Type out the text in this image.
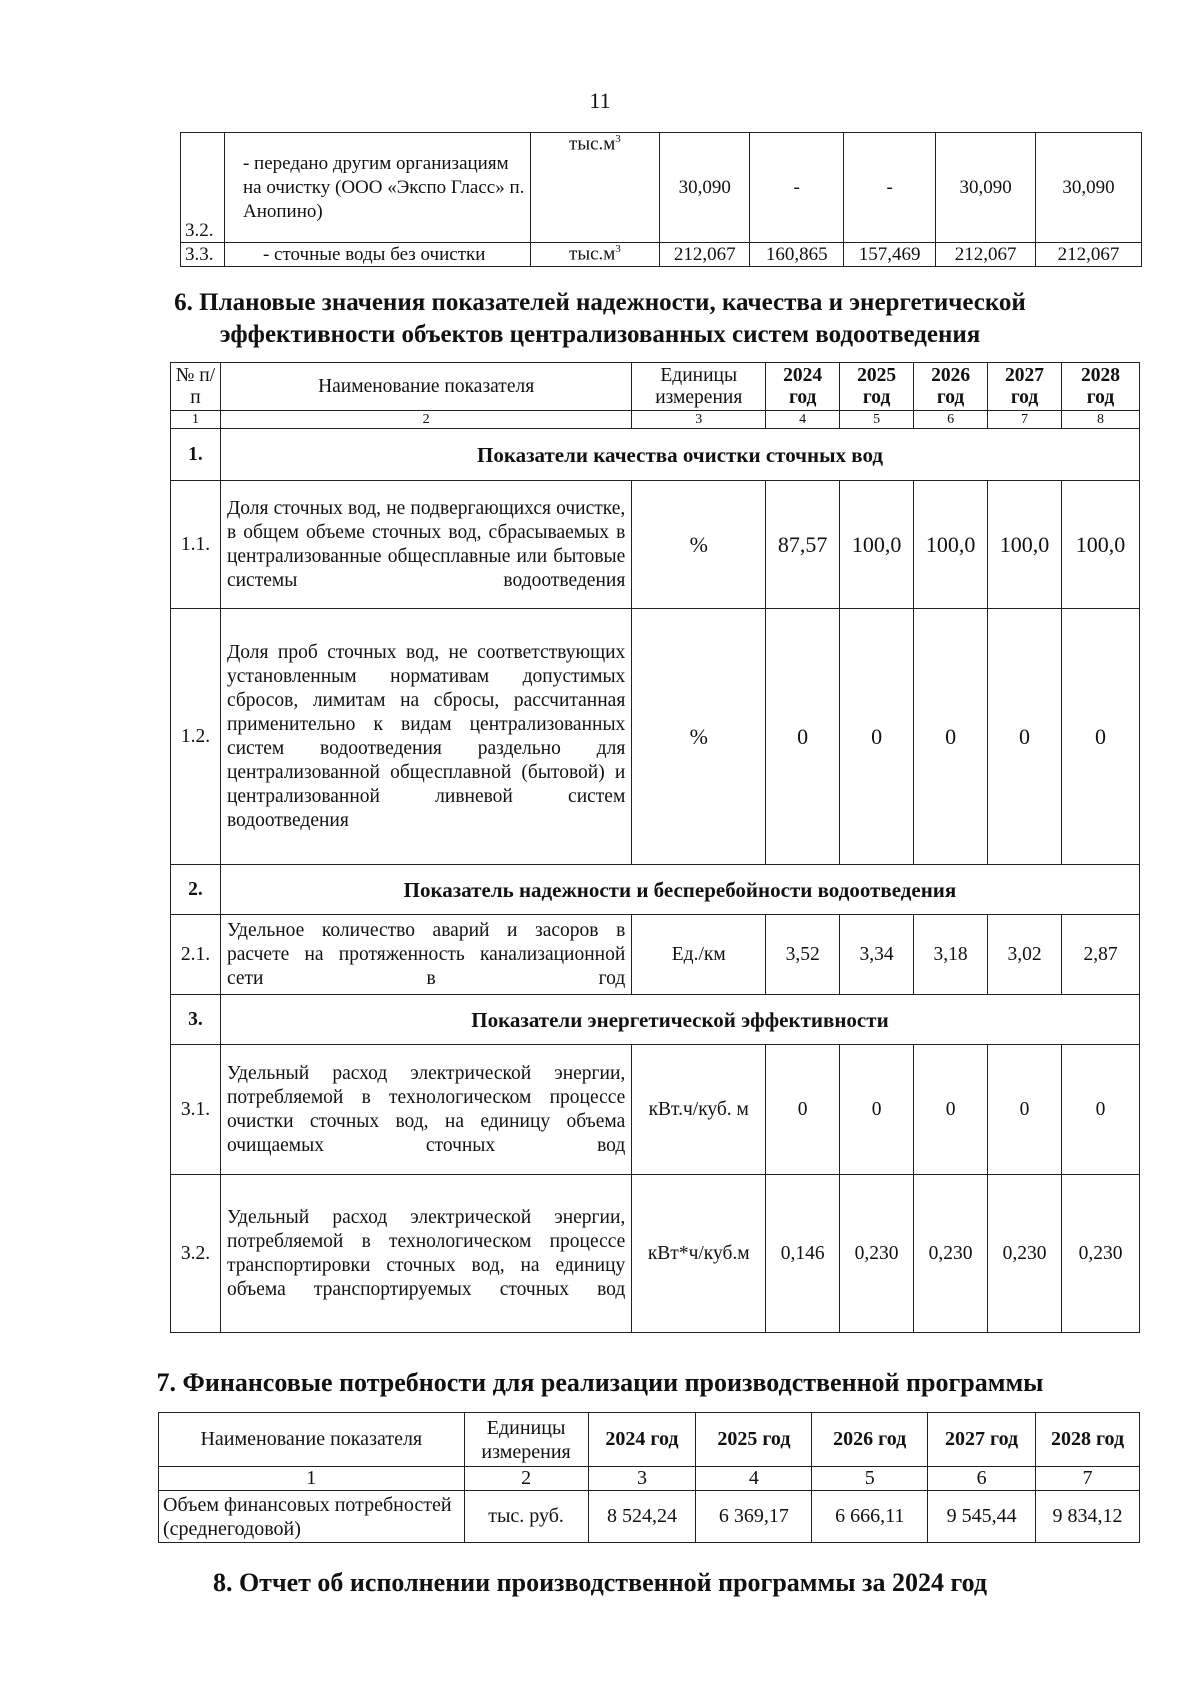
11
3.2.	- передано другим организациям на очистку (ООО «Экспо Гласс» п. Анопино)	$тыс.м^3$	30,090	-	-	30,090	30,090
3.3.	- сточные воды без очистки	$тыс.м^3$	212,067	160,865	157,469	212,067	212,067
6. Плановые значения показателей надежности, качества и энергетической
эффективности объектов централизованных систем водоотведения
№ п/п	Наименование показателя	Единицы измерения	2024 год	2025 год	2026 год	2027 год	2028 год
1	2	3	4	5	6	7	8
1.	Показатели качества очистки сточных вод						
1.1.	Доля сточных вод, не подвергающихся очистке, в общем объеме сточных вод, сбрасываемых в централизованные общесплавные или бытовые системы водоотведения	%	87,57	100,0	100,0	100,0	100,0
1.2.	Доля проб сточных вод, не соответствующих установленным нормативам допустимых сбросов, лимитам на сбросы, рассчитанная применительно к видам централизованных систем водоотведения раздельно для централизованной общесплавной (бытовой) и централизованной ливневой систем водоотведения	%	0	0	0	0	0
2.	Показатель надежности и бесперебойности водоотведения						
2.1.	Удельное количество аварий и засоров в расчете на протяженность канализационной сети в год	Ед./км	3,52	3,34	3,18	3,02	2,87
3.	Показатели энергетической эффективности						
3.1.	Удельный расход электрической энергии, потребляемой в технологическом процессе очистки сточных вод, на единицу объема очищаемых сточных вод	кВт.ч/куб. м	0	0	0	0	0
3.2.	Удельный расход электрической энергии, потребляемой в технологическом процессе транспортировки сточных вод, на единицу объема транспортируемых сточных вод	кВт*ч/куб.м	0,146	0,230	0,230	0,230	0,230
7. Финансовые потребности для реализации производственной программы
Наименование показателя	Единицы измерения	2024 год	2025 год	2026 год	2027 год	2028 год
1	2	3	4	5	6	7
Объем финансовых потребностей (среднегодовой)	тыс. руб.	8 524,24	6 369,17	6 666,11	9 545,44	9 834,12
8. Отчет об исполнении производственной программы за 2024 год
